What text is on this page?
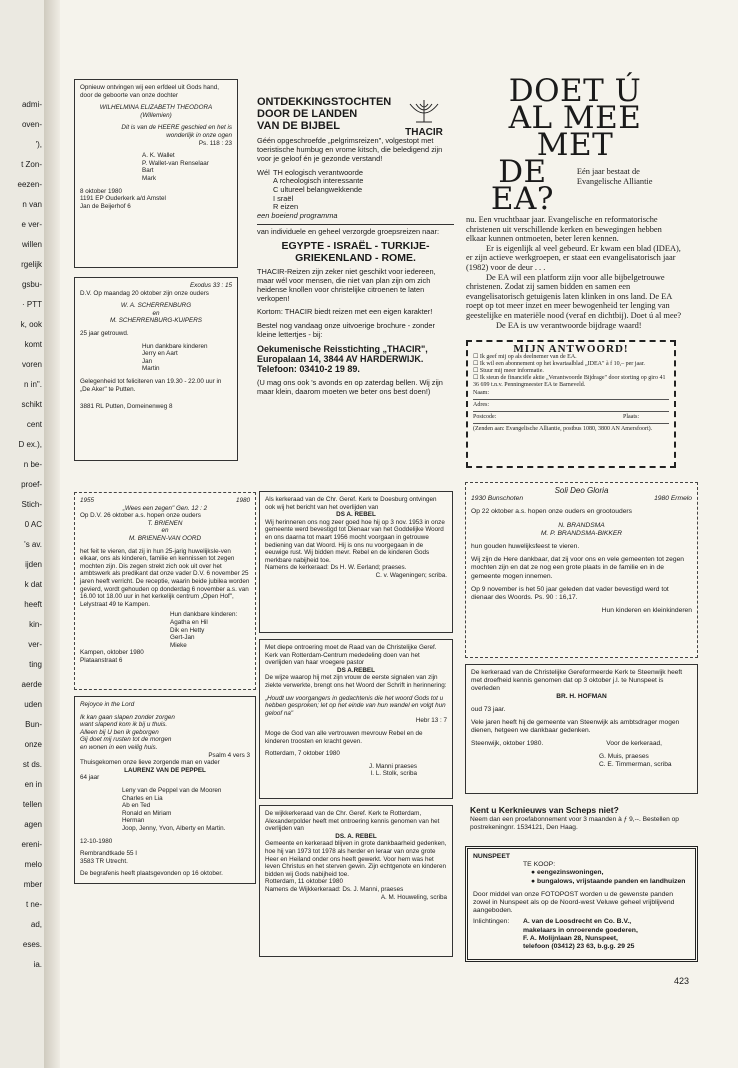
admi-
oven-
'),
t Zon-
eezen-
n van
e ver-
willen
rgelijk
gsbu-
· PTT
k, ook
komt
voren
n in".
schikt
cent
D ex.),
n be-
proef-
Stich-
0 AC
's av.
ijden
k dat
heeft
kin-
ver-
ting
aerde
uden
Bun-
onze
st ds.
en in
tellen
agen
ereni-
melo
mber
t ne-
ad,
eses.
ia.
Opnieuw ontvingen wij een erfdeel uit Gods hand, door de geboorte van onze dochter
WILHELMINA ELIZABETH THEODORA
(Willemien)
Dit is van de HEERE geschied en het is wonderlijk in onze ogen
Ps. 118 : 23
A. K. Wallet
P. Wallet-van Renselaar
Bart
Mark
8 oktober 1980
1191 EP Ouderkerk a/d Amstel
Jan de Beijerhof 6
Exodus 33 : 15
D.V. Op maandag 20 oktober zijn onze ouders
W. A. SCHERRENBURG
en
M. SCHERRENBURG-KUIPERS
25 jaar getrouwd.
Hun dankbare kinderen
Jerry en Aart
Jan
Martin
Gelegenheid tot feliciteren van 19.30 - 22.00 uur in „De Aker" te Putten.
3881 RL Putten, Domeinenweg 8
1955	1980
„Wees een zegen" Gen. 12 : 2
Op D.V. 26 oktober a.s. hopen onze ouders
T. BRIENEN
en
M. BRIENEN-VAN OORD
het feit te vieren, dat zij in hun 25-jarig huwelijksle-ven elkaar, ons als kinderen, familie en kennissen tot zegen mochten zijn. Dis zegen strekt zich ook uit over het ambtswerk als predikant dat onze vader D.V. 6 november 25 jaren heeft verricht. De receptie, waarin beide jubilea worden gevierd, wordt gehouden op donderdag 6 november a.s. van 16.00 tot 18.00 uur in het kerkelijk centrum „Open Hof", Lelystraat 49 te Kampen.
Hun dankbare kinderen:
Agatha en Hil
Dik en Hetty
Gert-Jan
Mieke
Kampen, oktober 1980
Plataanstraat 6
Rejoyce in the Lord
Ik kan gaan slapen zonder zorgen
want slapend kom ik bij u thuis.
Alleen bij U ben ik geborgen
Gij doet mij rusten tot de morgen
en wonen in een veilig huis.
Psalm 4 vers 3
Thuisgekomen onze lieve zorgende man en vader
LAURENZ VAN DE PEPPEL
64 jaar
Leny van de Peppel van de Mooren
Charles en Lia
Ab en Ted
Ronald en Miriam
Herman
Joop, Jenny, Yvon, Alberty en Martin.
12-10-1980
Rembrandtkade 55 I
3583 TR Utrecht.
De begrafenis heeft plaatsgevonden op 16 oktober.
ONTDEKKINGSTOCHTEN
DOOR DE LANDEN
VAN DE BIJBEL
THACIR
Géén opgeschroefde „pelgrimsreizen", volgestopt met toeristische humbug en vrome kitsch, die beledigend zijn voor je geloof én je gezonde verstand!
Wél TH eologisch verantwoorde
A rcheologisch interessante
C ultureel belangwekkende
I sraël
R eizen
een boeiend programma
van individuele en geheel verzorgde groepsreizen naar:
EGYPTE - ISRAËL - TURKIJE-GRIEKENLAND - ROME.
THACIR-Reizen zijn zeker niet geschikt voor iedereen, maar wél voor mensen, die niet van plan zijn om zich heidense knollen voor christelijke citroenen te laten verkopen!
Kortom: THACIR biedt reizen met een eigen karakter!
Bestel nog vandaag onze uitvoerige brochure - zonder kleine lettertjes - bij:
Oekumenische Reisstichting „THACIR",
Europalaan 14, 3844 AV HARDERWIJK.
Telefoon: 03410-2 19 89.
(U mag ons ook 's avonds en op zaterdag bellen. Wij zijn maar klein, daarom moeten we beter ons best doen!)
Als kerkeraad van de Chr. Geref. Kerk te Doesburg ontvingen ook wij het bericht van het overlijden van
DS A. REBEL
Wij herinneren ons nog zeer goed hoe hij op 3 nov. 1953 in onze gemeente werd bevestigd tot Dienaar van het Goddelijke Woord en ons daarna tot maart 1956 mocht voorgaan in getrouwe bediening van dat Woord. Hij is ons nu voorgegaan in de eeuwige rust. Wij bidden mevr. Rebel en de kinderen Gods merkbare nabijheid toe.
Namens de kerkeraad: Ds H. W. Eerland; praeses.
C. v. Wageningen; scriba.
Met diepe ontroering moet de Raad van de Christelijke Geref. Kerk van Rotterdam-Centrum mededeling doen van het overlijden van haar vroegere pastor
DS A.REBEL
De wijze waarop hij met zijn vrouw de eerste signalen van zijn ziekte verwerkte, brengt ons het Woord der Schrift in herinnering:
„Houdt uw voorgangers in gedachtenis die het woord Gods tot u hebben gesproken; let op het einde van hun wandel en volgt hun geloof na"
Hebr 13 : 7
Moge de God van alle vertrouwen mevrouw Rebel en de kinderen troosten en kracht geven.
Rotterdam, 7 oktober 1980
J. Manni praeses
I. L. Stolk, scriba
De wijkkerkeraad van de Chr. Geref. Kerk te Rotterdam, Alexanderpolder heeft met ontroering kennis genomen van het overlijden van
DS. A. REBEL
Gemeente en kerkeraad blijven in grote dankbaarheid gedenken, hoe hij van 1973 tot 1978 als herder en leraar van onze grote Heer en Heiland onder ons heeft gewerkt. Voor hem was het leven Christus en het sterven gewin. Zijn echtgenote en kinderen bidden wij Gods nabijheid toe.
Rotterdam, 11 oktober 1980
Namens de Wijkkerkeraad: Ds. J. Manni, praeses
A. M. Houweling, scriba
DOET Ú
AL MEE MET
DE EA?
Eén jaar bestaat de Evangelische Alliantie
nu. Een vruchtbaar jaar. Evangelische en reformatorische christenen uit verschillende kerken en bewegingen hebben elkaar kunnen ontmoeten, beter leren kennen.
Er is eigenlijk al veel gebeurd. Er kwam een blad (IDEA), er zijn actieve werkgroepen, er staat een evangelisatorisch jaar (1982) voor de deur . . .
De EA wil een platform zijn voor alle bijbelgetrouwe christenen. Zodat zij samen bidden en samen een evangelisatorisch getuigenis laten klinken in ons land. De EA roept op tot meer inzet en meer bewogenheid ter lenging van geestelijke en materiële nood (veraf en dichtbij). Doet ú al mee?
De EA is uw verantwoorde bijdrage waard!
MIJN ANTWOORD!
☐ Ik geef mij op als deelnemer van de EA.
☐ Ik wil een abonnement op het kwartaalblad „IDEA" à f 10,– per jaar.
☐ Stuur mij meer informatie.
☐ Ik steun de financiële aktie „Verantwoorde Bijdrage" door storting op giro 41 36 699 t.n.v. Penningmeester EA te Barneveld.
Naam:
Adres:
Postcode:	Plaats:
(Zenden aan: Evangelische Alliantie, postbus 1080, 3800 AN Amersfoort).
Soli Deo Gloria
1930 Bunschoten	1980 Ermelo
Op 22 oktober a.s. hopen onze ouders en grootouders
N. BRANDSMA
M. P. BRANDSMA-BIKKER
hun gouden huwelijksfeest te vieren.
Wij zijn de Here dankbaar, dat zij voor ons en vele gemeenten tot zegen mochten zijn en dat ze nog een grote plaats in de familie en in de gemeente mogen innemen.
Op 9 november is het 50 jaar geleden dat vader bevestigd werd tot dienaar des Woords. Ps. 90 : 16,17.
Hun kinderen en kleinkinderen
De kerkeraad van de Christelijke Gereformeerde Kerk te Steenwijk heeft met droefheid kennis genomen dat op 3 oktober j.l. te Nunspeet is overleden
BR. H. HOFMAN
oud 73 jaar.
Vele jaren heeft hij de gemeente van Steenwijk als ambtsdrager mogen dienen, hetgeen we dankbaar gedenken.
Steenwijk, oktober 1980.	Voor de kerkeraad,
G. Muis, praeses
C. E. Timmerman, scriba
Kent u Kerknieuws van Scheps niet?
Neem dan een proefabonnement voor 3 maanden à ƒ 9,--. Bestellen op postrekeningnr. 1534121, Den Haag.
NUNSPEET
TE KOOP:
● eengezinswoningen,
● bungalows, vrijstaande panden en landhuizen
Door middel van onze FOTOPOST worden u de gewenste panden zowel in Nunspeet als op de Noord-west Veluwe geheel vrijblijvend aangeboden.
Inlichtingen:	A. van de Loosdrecht en Co. B.V.,
makelaars in onroerende goederen,
F. A. Molijnlaan 28, Nunspeet,
telefoon (03412) 23 63, b.g.g. 29 25
423
